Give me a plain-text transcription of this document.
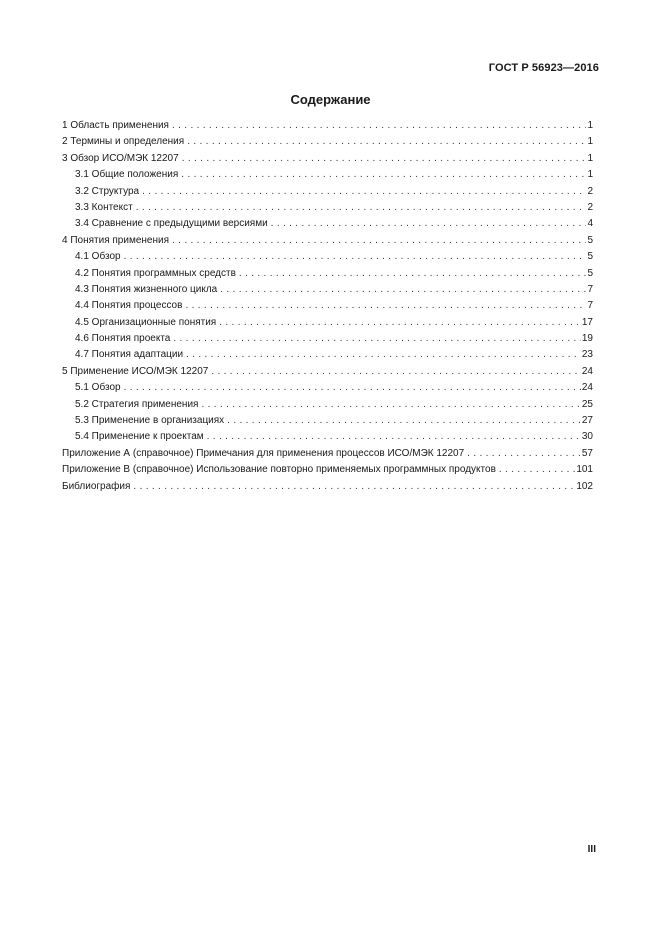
ГОСТ Р 56923—2016
Содержание
1 Область применения . . .	1
2 Термины и определения . . .	1
3 Обзор ИСО/МЭК 12207 . . .	1
3.1 Общие положения . . .	1
3.2 Структура . . .	2
3.3 Контекст . . .	2
3.4 Сравнение с предыдущими версиями . . .	4
4 Понятия применения . . .	5
4.1 Обзор . . .	5
4.2 Понятия программных средств . . .	5
4.3 Понятия жизненного цикла . . .	7
4.4 Понятия процессов . . .	7
4.5 Организационные понятия . . .	17
4.6 Понятия проекта . . .	19
4.7 Понятия адаптации . . .	23
5 Применение ИСО/МЭК 12207 . . .	24
5.1 Обзор . . .	24
5.2 Стратегия применения . . .	25
5.3 Применение в организациях . . .	27
5.4 Применение к проектам . . .	30
Приложение А (справочное) Примечания для применения процессов ИСО/МЭК 12207 . . .	57
Приложение В (справочное) Использование повторно применяемых программных продуктов . . .	101
Библиография . . .	102
III
